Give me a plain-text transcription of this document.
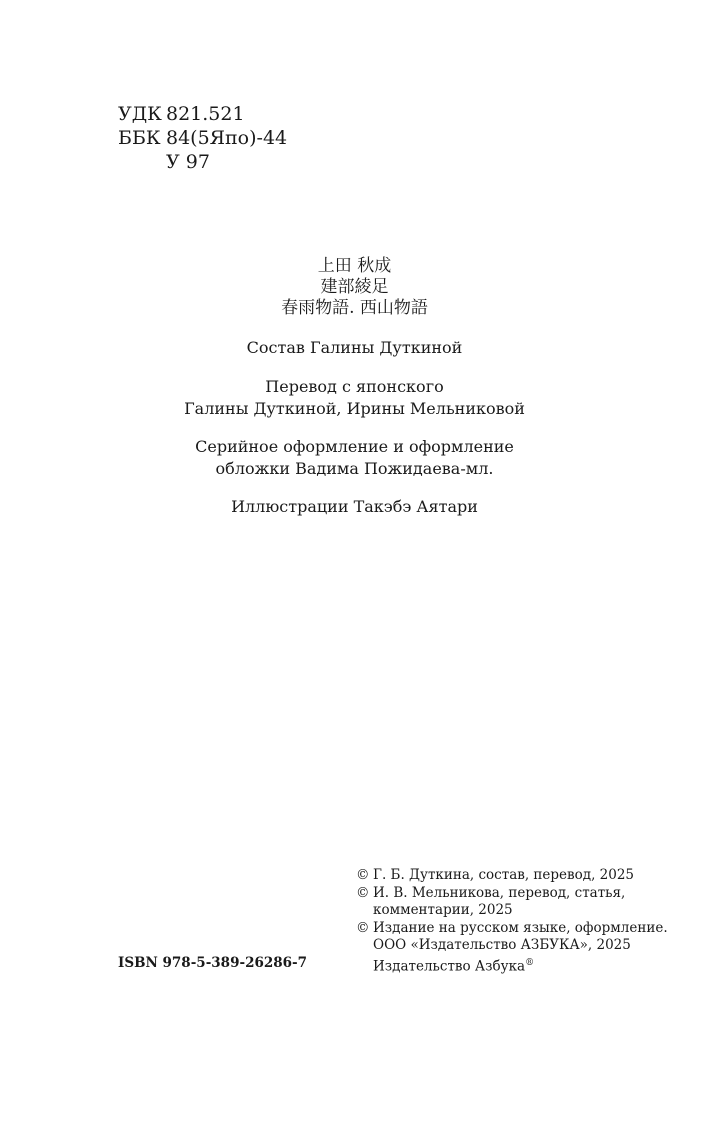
УДК 821.521
ББК 84(5Япо)-44
У 97
上田 秋成
建部綾足
春雨物語. 西山物語
Состав Галины Дуткиной
Перевод с японского
Галины Дуткиной, Ирины Мельниковой
Серийное оформление и оформление
обложки Вадима Пожидаева-мл.
Иллюстрации Такэбэ Аятари
ISBN 978-5-389-26286-7
© Г. Б. Дуткина, состав, перевод, 2025
© И. В. Мельникова, перевод, статья,
комментарии, 2025
© Издание на русском языке, оформление.
ООО «Издательство АЗБУКА», 2025
Издательство Азбука®
